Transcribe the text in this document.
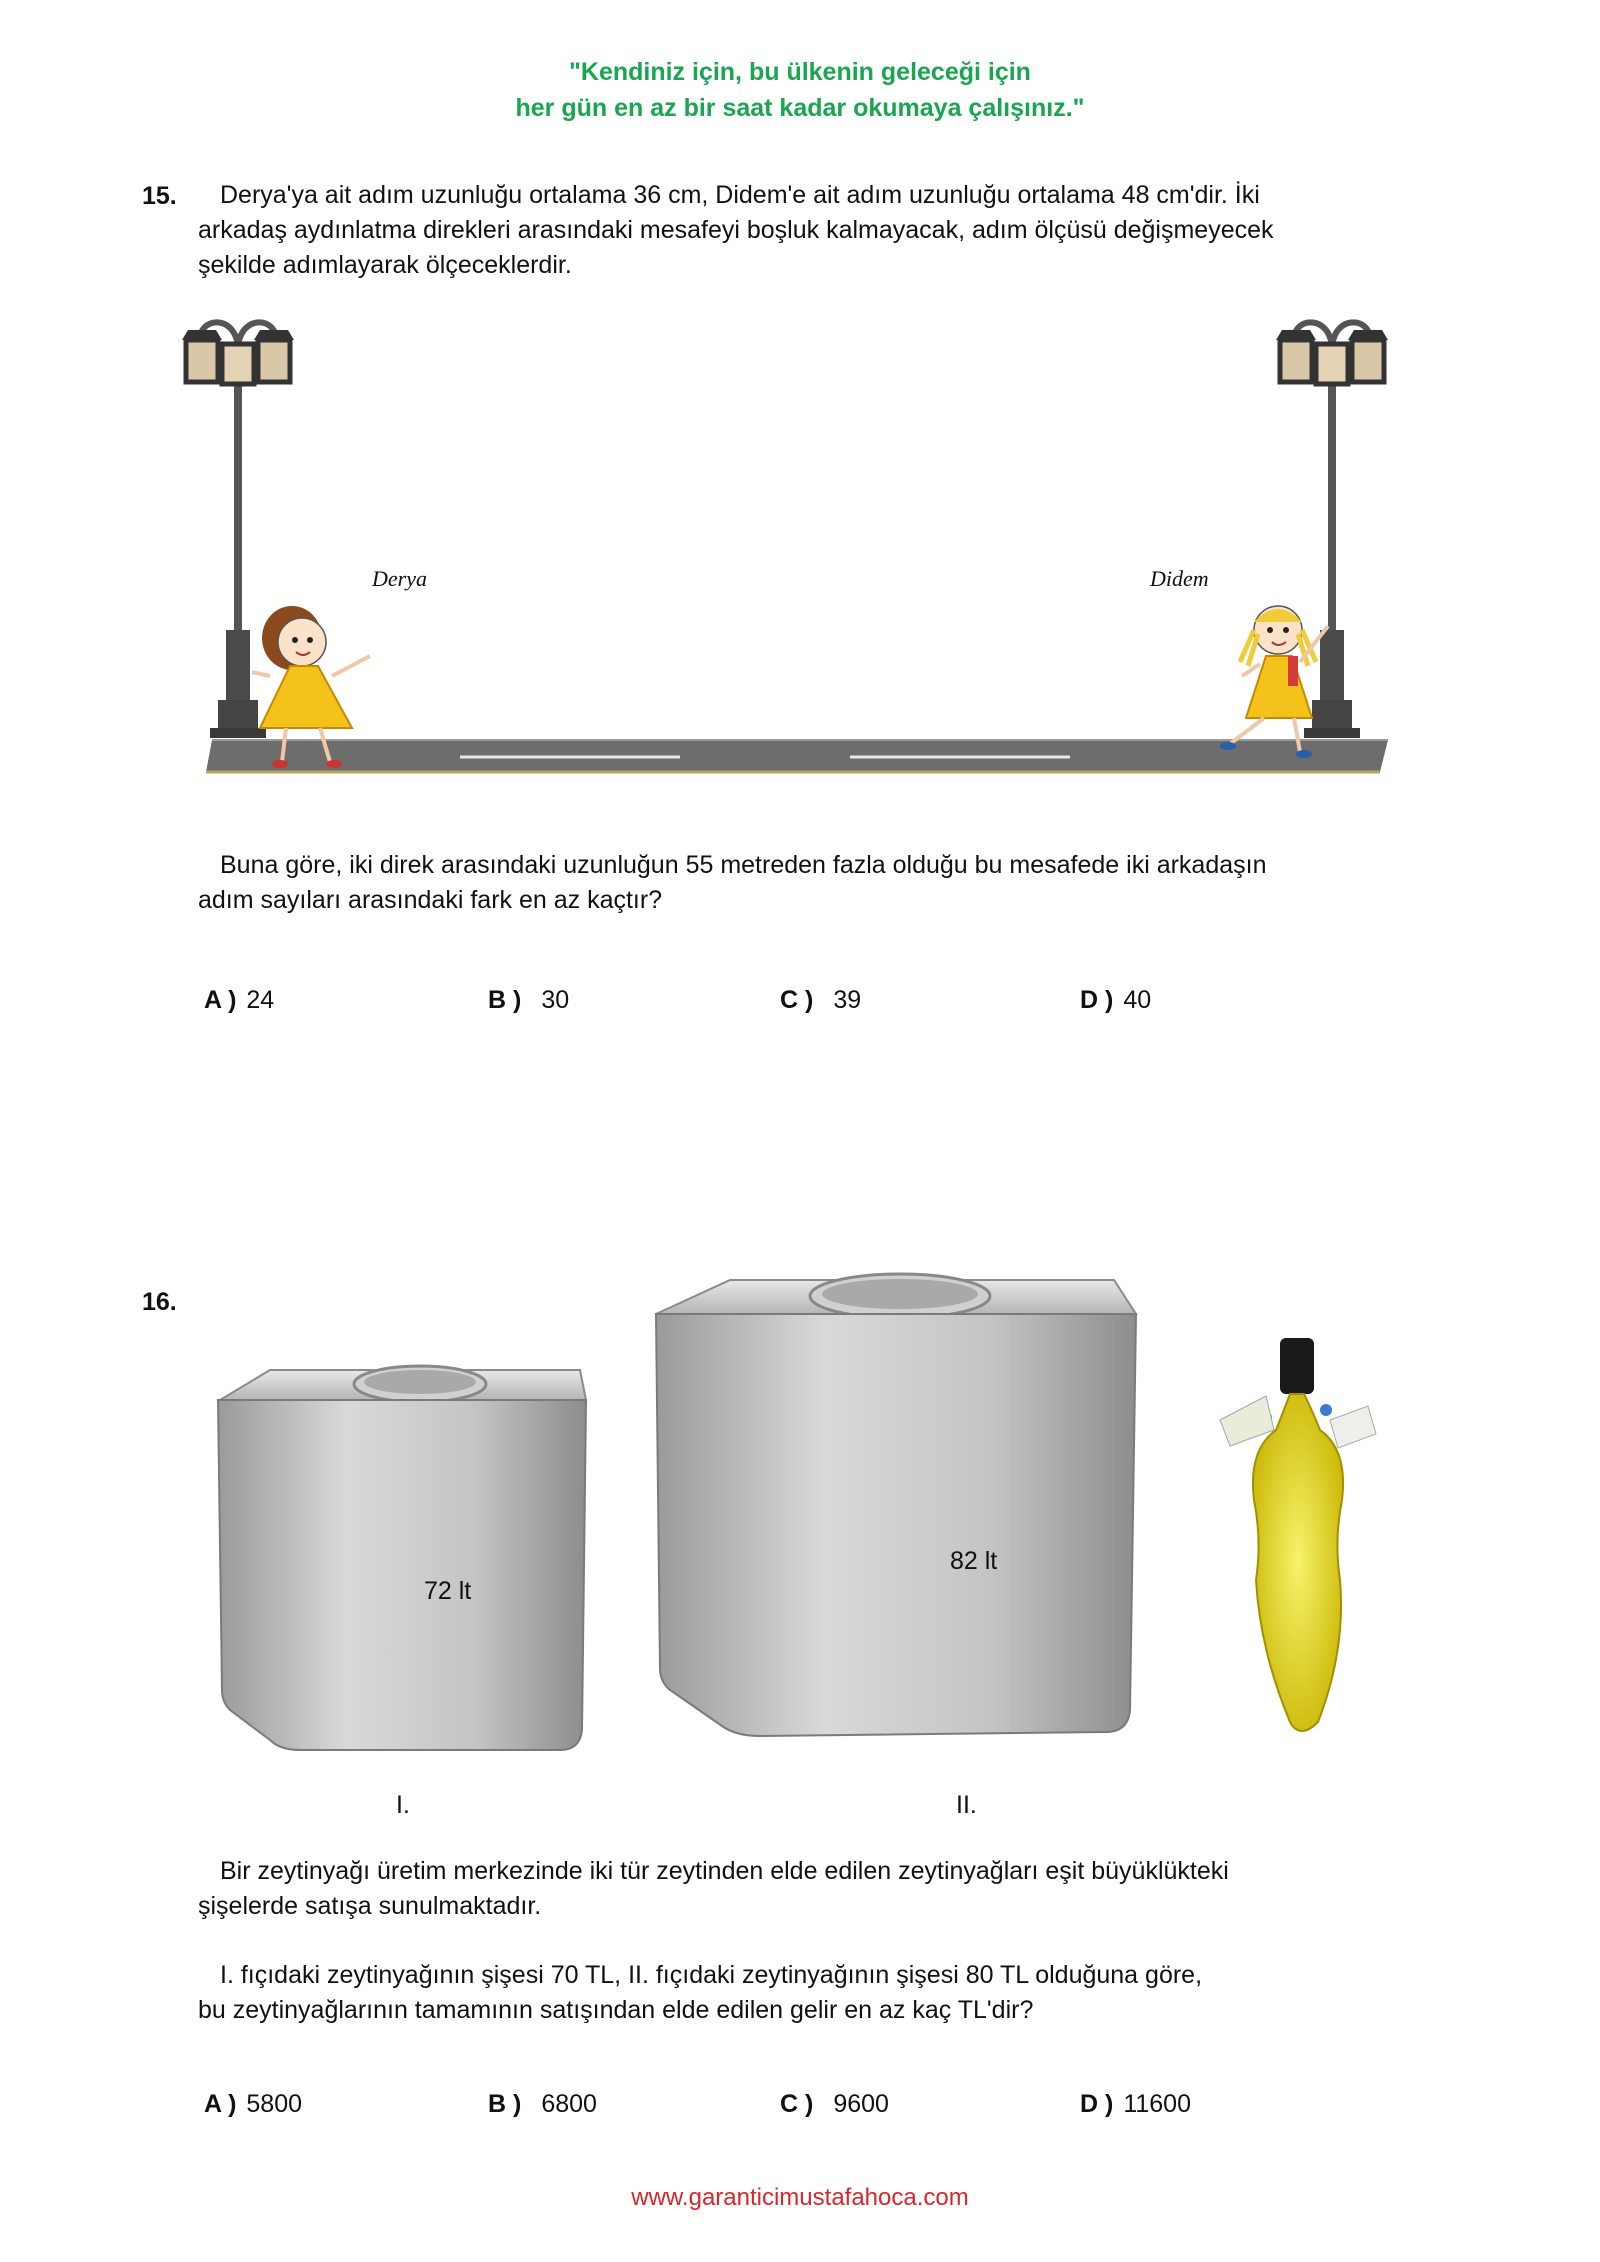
"Kendiniz için, bu ülkenin geleceği için
her gün en az bir saat kadar okumaya çalışınız."
15. Derya'ya ait adım uzunluğu ortalama 36 cm, Didem'e ait adım uzunluğu ortalama 48 cm'dir. İki
arkadaş aydınlatma direkleri arasındaki mesafeyi boşluk kalmayacak, adım ölçüsü değişmeyecek
şekilde adımlayarak ölçeceklerdir.
Derya	Didem
Buna göre, iki direk arasındaki uzunluğun 55 metreden fazla olduğu bu mesafede iki arkadaşın
adım sayıları arasındaki fark en az kaçtır?
A ) 24	B ) 30	C ) 39	D ) 40
16.
72 lt
82 lt
I.	II.
Bir zeytinyağı üretim merkezinde iki tür zeytinden elde edilen zeytinyağları eşit büyüklükteki
şişelerde satışa sunulmaktadır.
I. fıçıdaki zeytinyağının şişesi 70 TL, II. fıçıdaki zeytinyağının şişesi 80 TL olduğuna göre,
bu zeytinyağlarının tamamının satışından elde edilen gelir en az kaç TL'dir?
A ) 5800	B ) 6800	C ) 9600	D ) 11600
www.garanticimustafahoca.com
